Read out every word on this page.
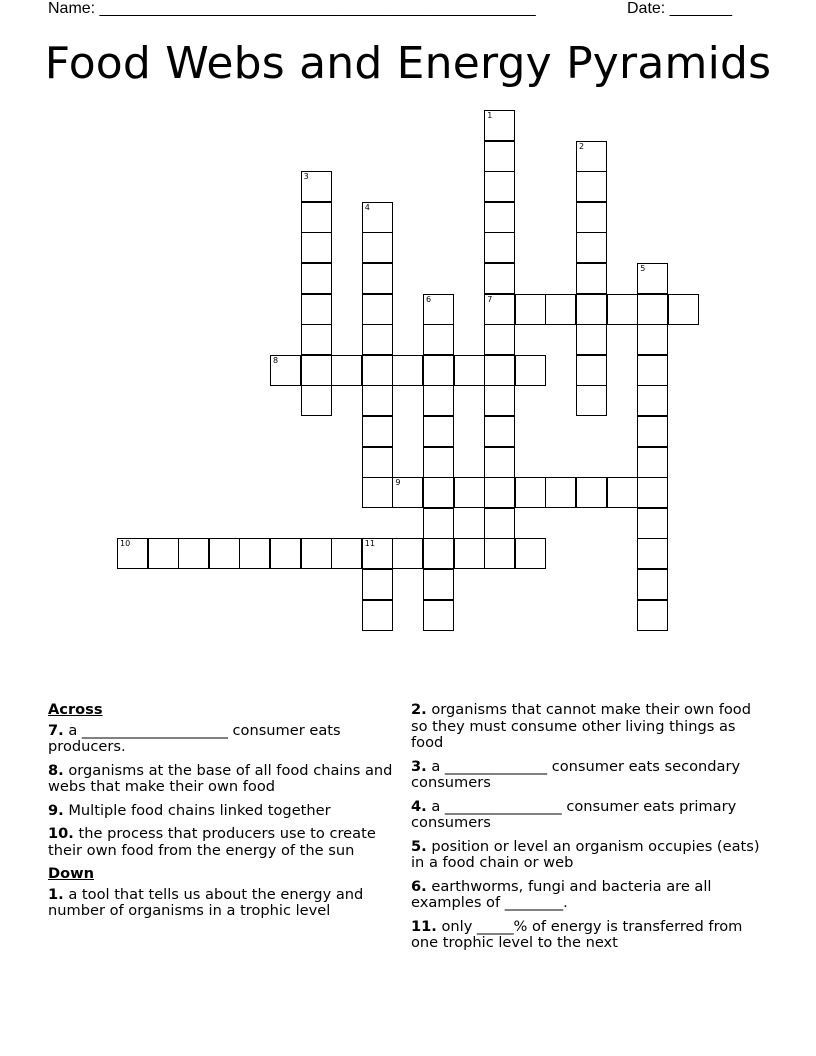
Name: _________________________________________________	Date: _______
Food Webs and Energy Pyramids
1
7
2
3
4
5
6
8
9
10	11
Across
7. a ____________________ consumer eats producers.
8. organisms at the base of all food chains and webs that make their own food
9. Multiple food chains linked together
10. the process that producers use to create their own food from the energy of the sun
Down
1. a tool that tells us about the energy and number of organisms in a trophic level
2. organisms that cannot make their own food so they must consume other living things as food
3. a ______________ consumer eats secondary consumers
4. a ________________ consumer eats primary consumers
5. position or level an organism occupies (eats) in a food chain or web
6. earthworms, fungi and bacteria are all examples of ________.
11. only _____% of energy is transferred from one trophic level to the next
